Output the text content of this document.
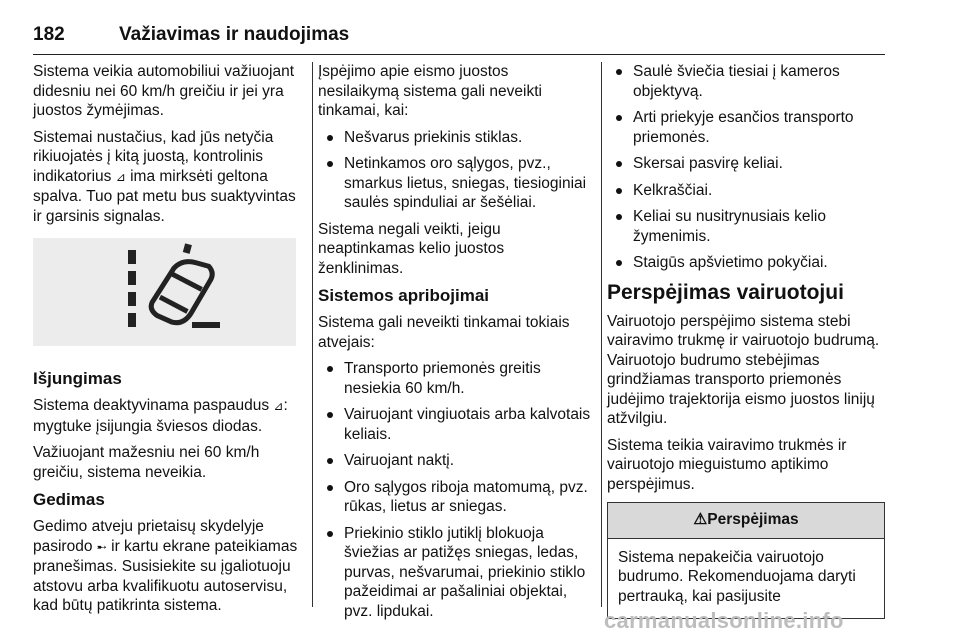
182	Važiavimas ir naudojimas

Sistema veikia automobiliui važiuojant didesniu nei 60 km/h greičiu ir jei yra juostos žymėjimas.

Sistemai nustačius, kad jūs netyčia rikiuojatės į kitą juostą, kontrolinis indikatorius ⊿ ima mirksėti geltona spalva. Tuo pat metu bus suaktyvintas ir garsinis signalas.

Išjungimas

Sistema deaktyvinama paspaudus ⊿: mygtuke įsijungia šviesos diodas.

Važiuojant mažesniu nei 60 km/h greičiu, sistema neveikia.

Gedimas

Gedimo atveju prietaisų skydelyje pasirodo ➸ ir kartu ekrane pateikiamas pranešimas. Susisiekite su įgaliotuoju atstovu arba kvalifikuotu autoservisu, kad būtų patikrinta sistema.

Įspėjimo apie eismo juostos nesilaikymą sistema gali neveikti tinkamai, kai:

Nešvarus priekinis stiklas.
Netinkamos oro sąlygos, pvz., smarkus lietus, sniegas, tiesioginiai saulės spinduliai ar šešėliai.

Sistema negali veikti, jeigu neaptinkamas kelio juostos ženklinimas.

Sistemos apribojimai

Sistema gali neveikti tinkamai tokiais atvejais:

Transporto priemonės greitis nesiekia 60 km/h.
Vairuojant vingiuotais arba kalvotais keliais.
Vairuojant naktį.
Oro sąlygos riboja matomumą, pvz. rūkas, lietus ar sniegas.
Priekinio stiklo jutiklį blokuoja šviežias ar patižęs sniegas, ledas, purvas, nešvarumai, priekinio stiklo pažeidimai ar pašaliniai objektai, pvz. lipdukai.
Saulė šviečia tiesiai į kameros objektyvą.
Arti priekyje esančios transporto priemonės.
Skersai pasvirę keliai.
Kelkraščiai.
Keliai su nusitrynusiais kelio žymenimis.
Staigūs apšvietimo pokyčiai.
Perspėjimas vairuotojui

Vairuotojo perspėjimo sistema stebi vairavimo trukmę ir vairuotojo budrumą. Vairuotojo budrumo stebėjimas grindžiamas transporto priemonės judėjimo trajektorija eismo juostos linijų atžvilgiu.

Sistema teikia vairavimo trukmės ir vairuotojo mieguistumo aptikimo perspėjimus.

⚠Perspėjimas
Sistema nepakeičia vairuotojo budrumo. Rekomenduojama daryti pertrauką, kai pasijusite
carmanualsonline.info
